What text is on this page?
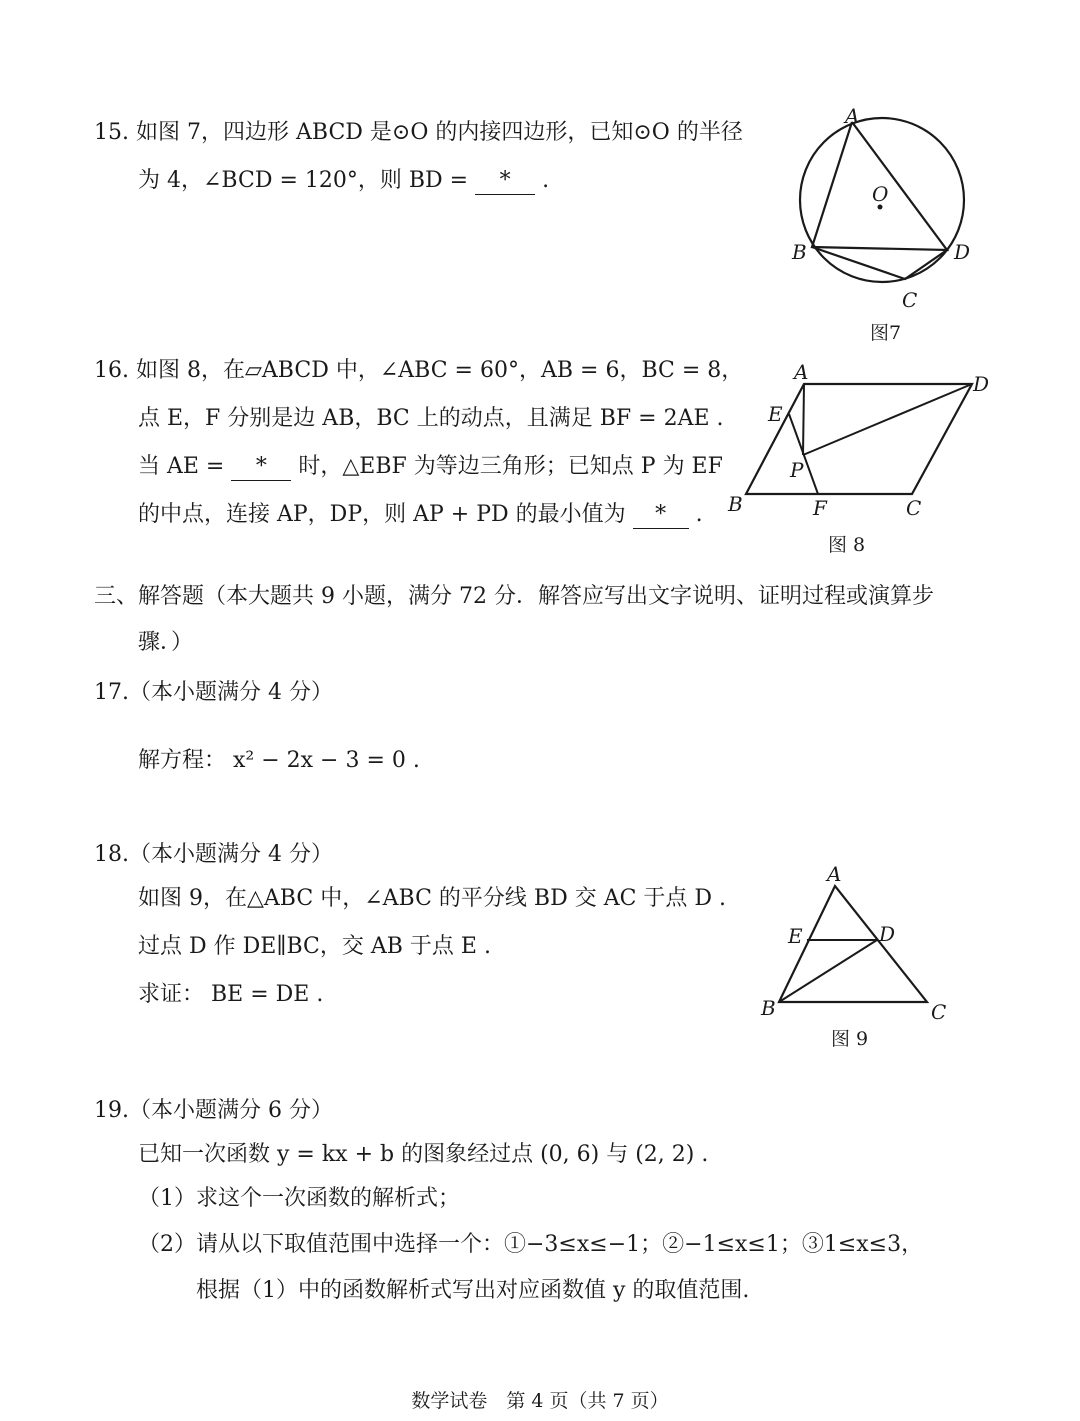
15. 如图 7，四边形 ABCD 是⊙O 的内接四边形，已知⊙O 的半径
为 4，∠BCD = 120°，则 BD = * .
A
O
B	D
C
图7
16. 如图 8，在▱ABCD 中，∠ABC = 60°，AB = 6，BC = 8，
点 E，F 分别是边 AB，BC 上的动点，且满足 BF = 2AE .
当 AE = * 时，△EBF 为等边三角形；已知点 P 为 EF
的中点，连接 AP，DP，则 AP + PD 的最小值为 * .
A	D
E
P
B	F	C
图 8
三、解答题（本大题共 9 小题，满分 72 分．解答应写出文字说明、证明过程或演算步
骤．）
17.（本小题满分 4 分）
解方程： x² − 2x − 3 = 0 .
18.（本小题满分 4 分）
如图 9，在△ABC 中，∠ABC 的平分线 BD 交 AC 于点 D .
过点 D 作 DE∥BC，交 AB 于点 E .
求证： BE = DE .
A
E	D
B	C
图 9
19.（本小题满分 6 分）
已知一次函数 y = kx + b 的图象经过点 (0, 6) 与 (2, 2) .
（1）求这个一次函数的解析式；
（2）请从以下取值范围中选择一个：①−3≤x≤−1；②−1≤x≤1；③1≤x≤3，
根据（1）中的函数解析式写出对应函数值 y 的取值范围.
数学试卷　第 4 页（共 7 页）
